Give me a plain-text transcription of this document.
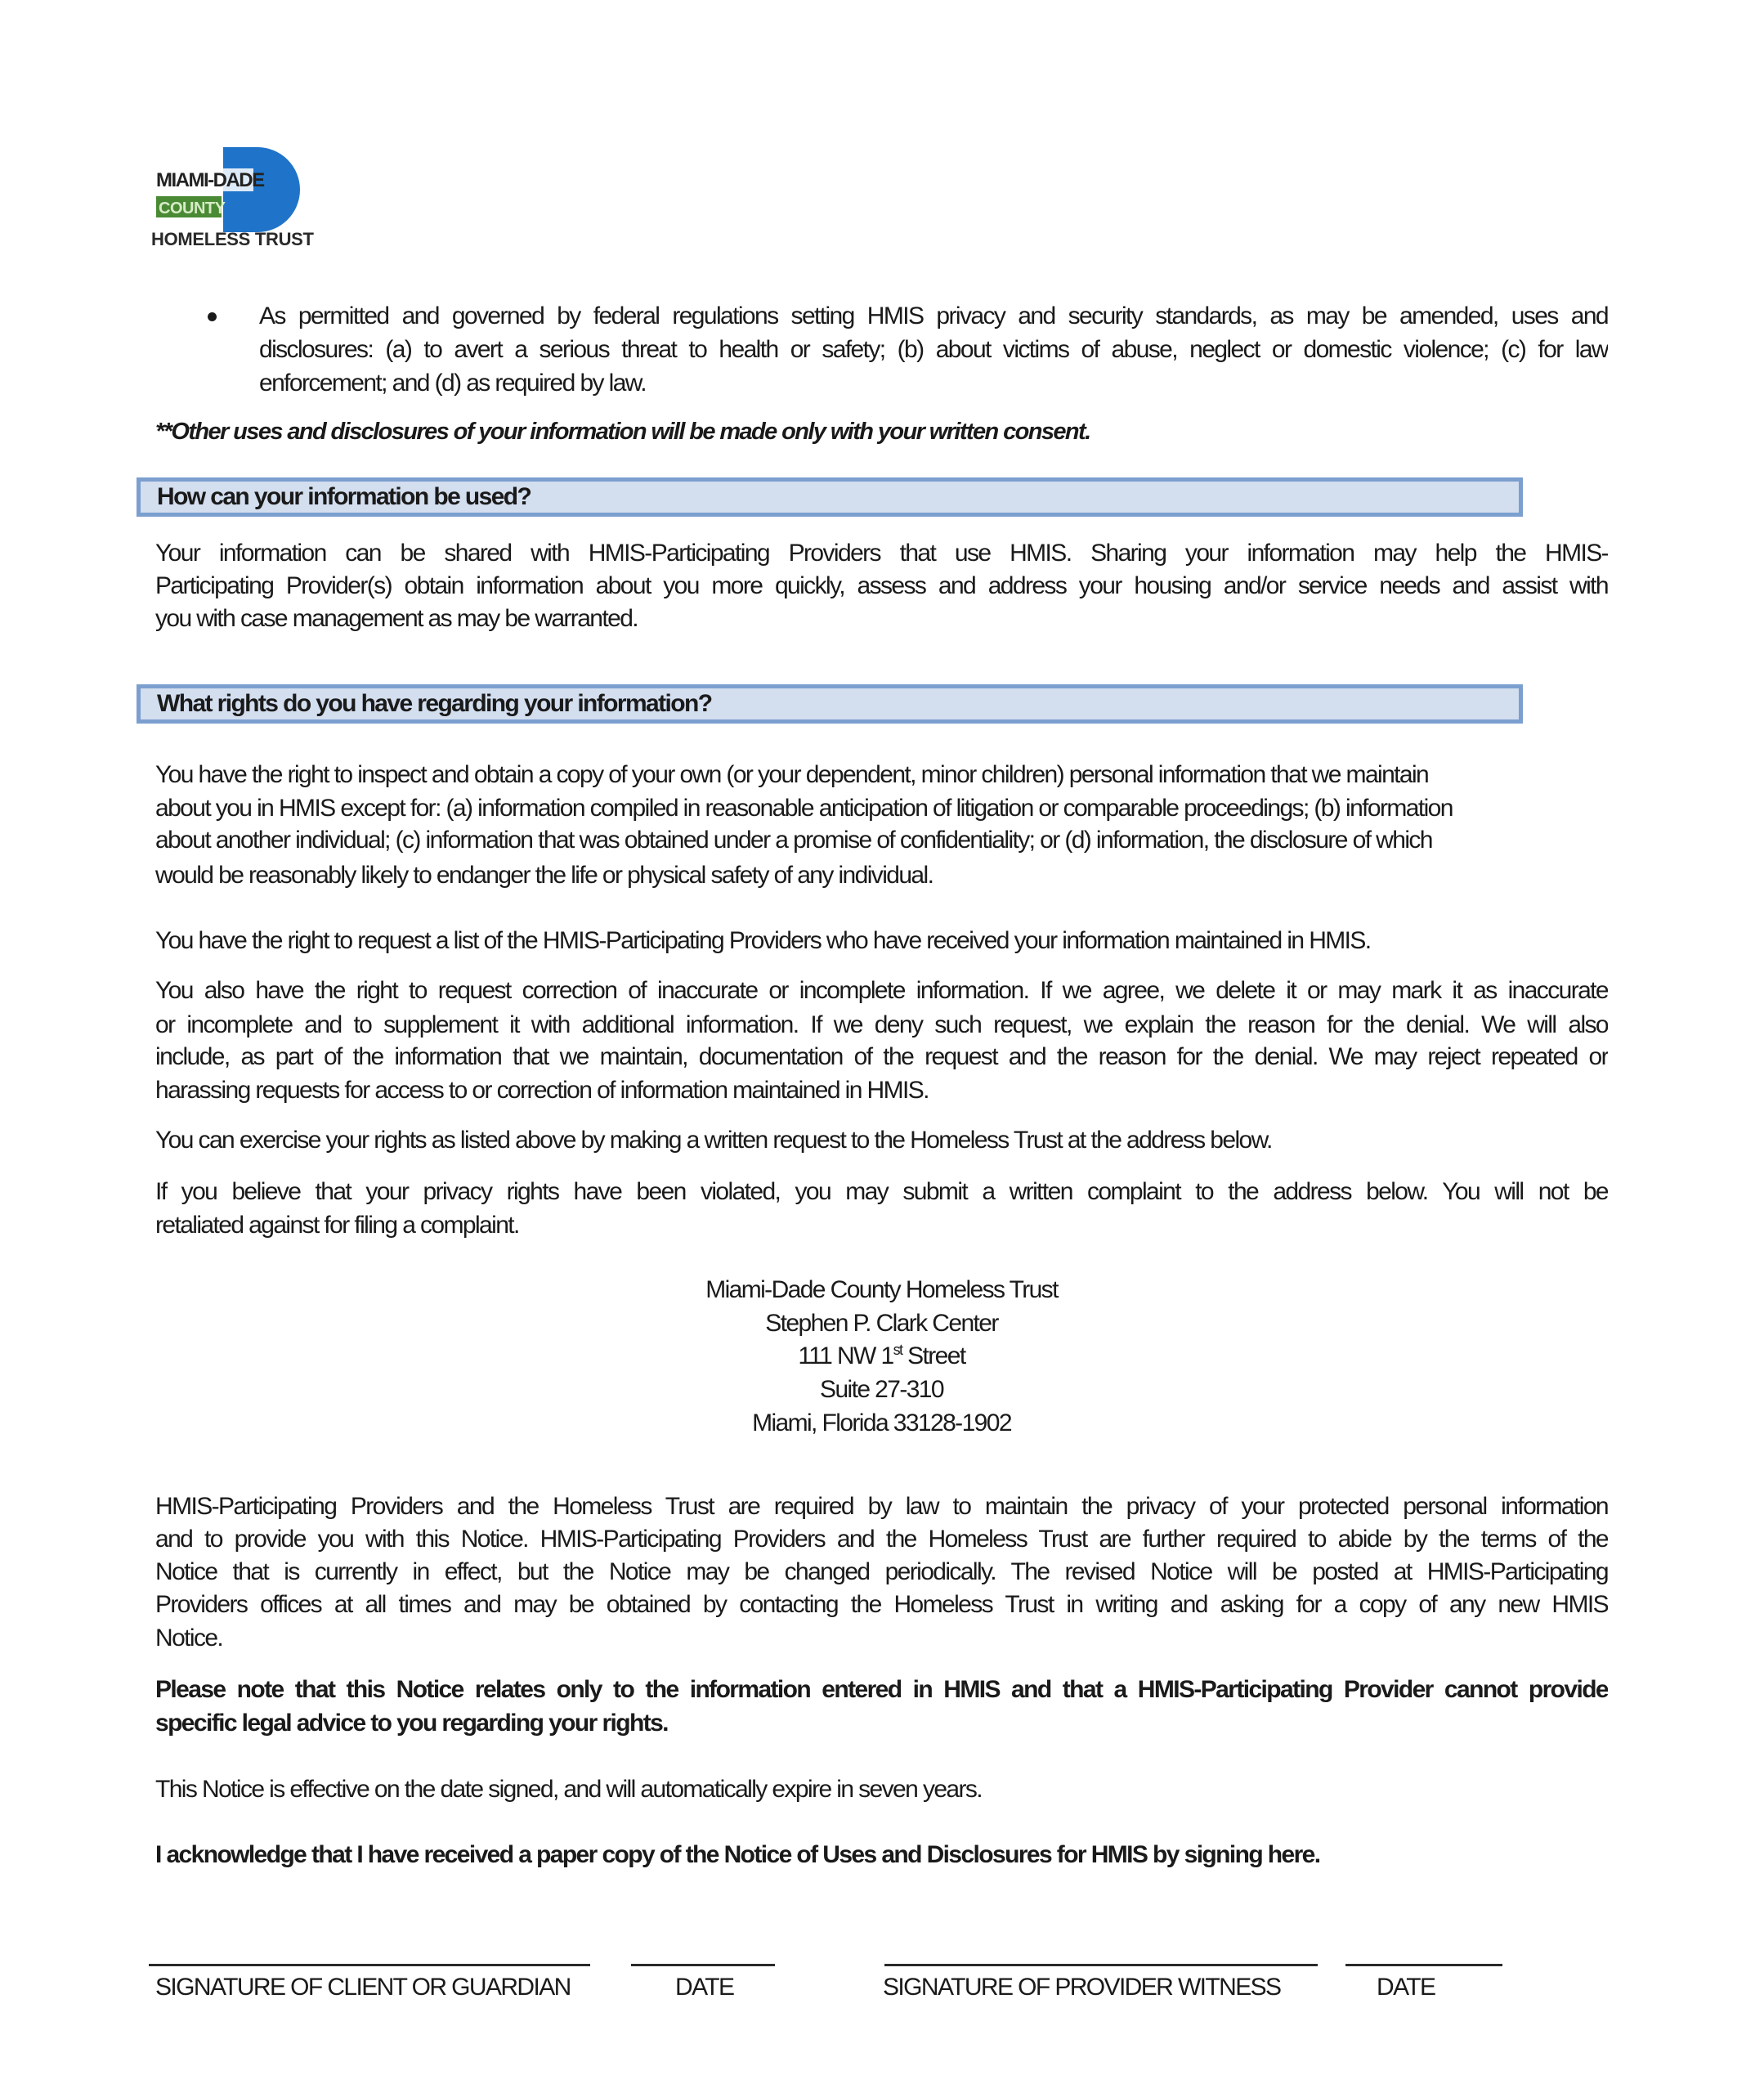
MIAMI-DADE
COUNTY
HOMELESS TRUST
As permitted and governed by federal regulations setting HMIS privacy and security standards, as may be amended, uses and
disclosures: (a) to avert a serious threat to health or safety; (b) about victims of abuse, neglect or domestic violence; (c) for law
enforcement; and (d) as required by law.
**Other uses and disclosures of your information will be made only with your written consent.
How can your information be used?
Your information can be shared with HMIS-Participating Providers that use HMIS. Sharing your information may help the HMIS-
Participating Provider(s) obtain information about you more quickly, assess and address your housing and/or service needs and assist with
you with case management as may be warranted.
What rights do you have regarding your information?
You have the right to inspect and obtain a copy of your own (or your dependent, minor children) personal information that we maintain
about you in HMIS except for: (a) information compiled in reasonable anticipation of litigation or comparable proceedings; (b) information
about another individual; (c) information that was obtained under a promise of confidentiality; or (d) information, the disclosure of which
would be reasonably likely to endanger the life or physical safety of any individual.
You have the right to request a list of the HMIS-Participating Providers who have received your information maintained in HMIS.
You also have the right to request correction of inaccurate or incomplete information. If we agree, we delete it or may mark it as inaccurate
or incomplete and to supplement it with additional information. If we deny such request, we explain the reason for the denial. We will also
include, as part of the information that we maintain, documentation of the request and the reason for the denial. We may reject repeated or
harassing requests for access to or correction of information maintained in HMIS.
You can exercise your rights as listed above by making a written request to the Homeless Trust at the address below.
If you believe that your privacy rights have been violated, you may submit a written complaint to the address below. You will not be
retaliated against for filing a complaint.
Miami-Dade County Homeless Trust
Stephen P. Clark Center
111 NW 1st Street
Suite 27-310
Miami, Florida 33128-1902
HMIS-Participating Providers and the Homeless Trust are required by law to maintain the privacy of your protected personal information
and to provide you with this Notice. HMIS-Participating Providers and the Homeless Trust are further required to abide by the terms of the
Notice that is currently in effect, but the Notice may be changed periodically. The revised Notice will be posted at HMIS-Participating
Providers offices at all times and may be obtained by contacting the Homeless Trust in writing and asking for a copy of any new HMIS
Notice.
Please note that this Notice relates only to the information entered in HMIS and that a HMIS-Participating Provider cannot provide
specific legal advice to you regarding your rights.
This Notice is effective on the date signed, and will automatically expire in seven years.
I acknowledge that I have received a paper copy of the Notice of Uses and Disclosures for HMIS by signing here.
SIGNATURE OF CLIENT OR GUARDIAN	DATE	SIGNATURE OF PROVIDER WITNESS	DATE
